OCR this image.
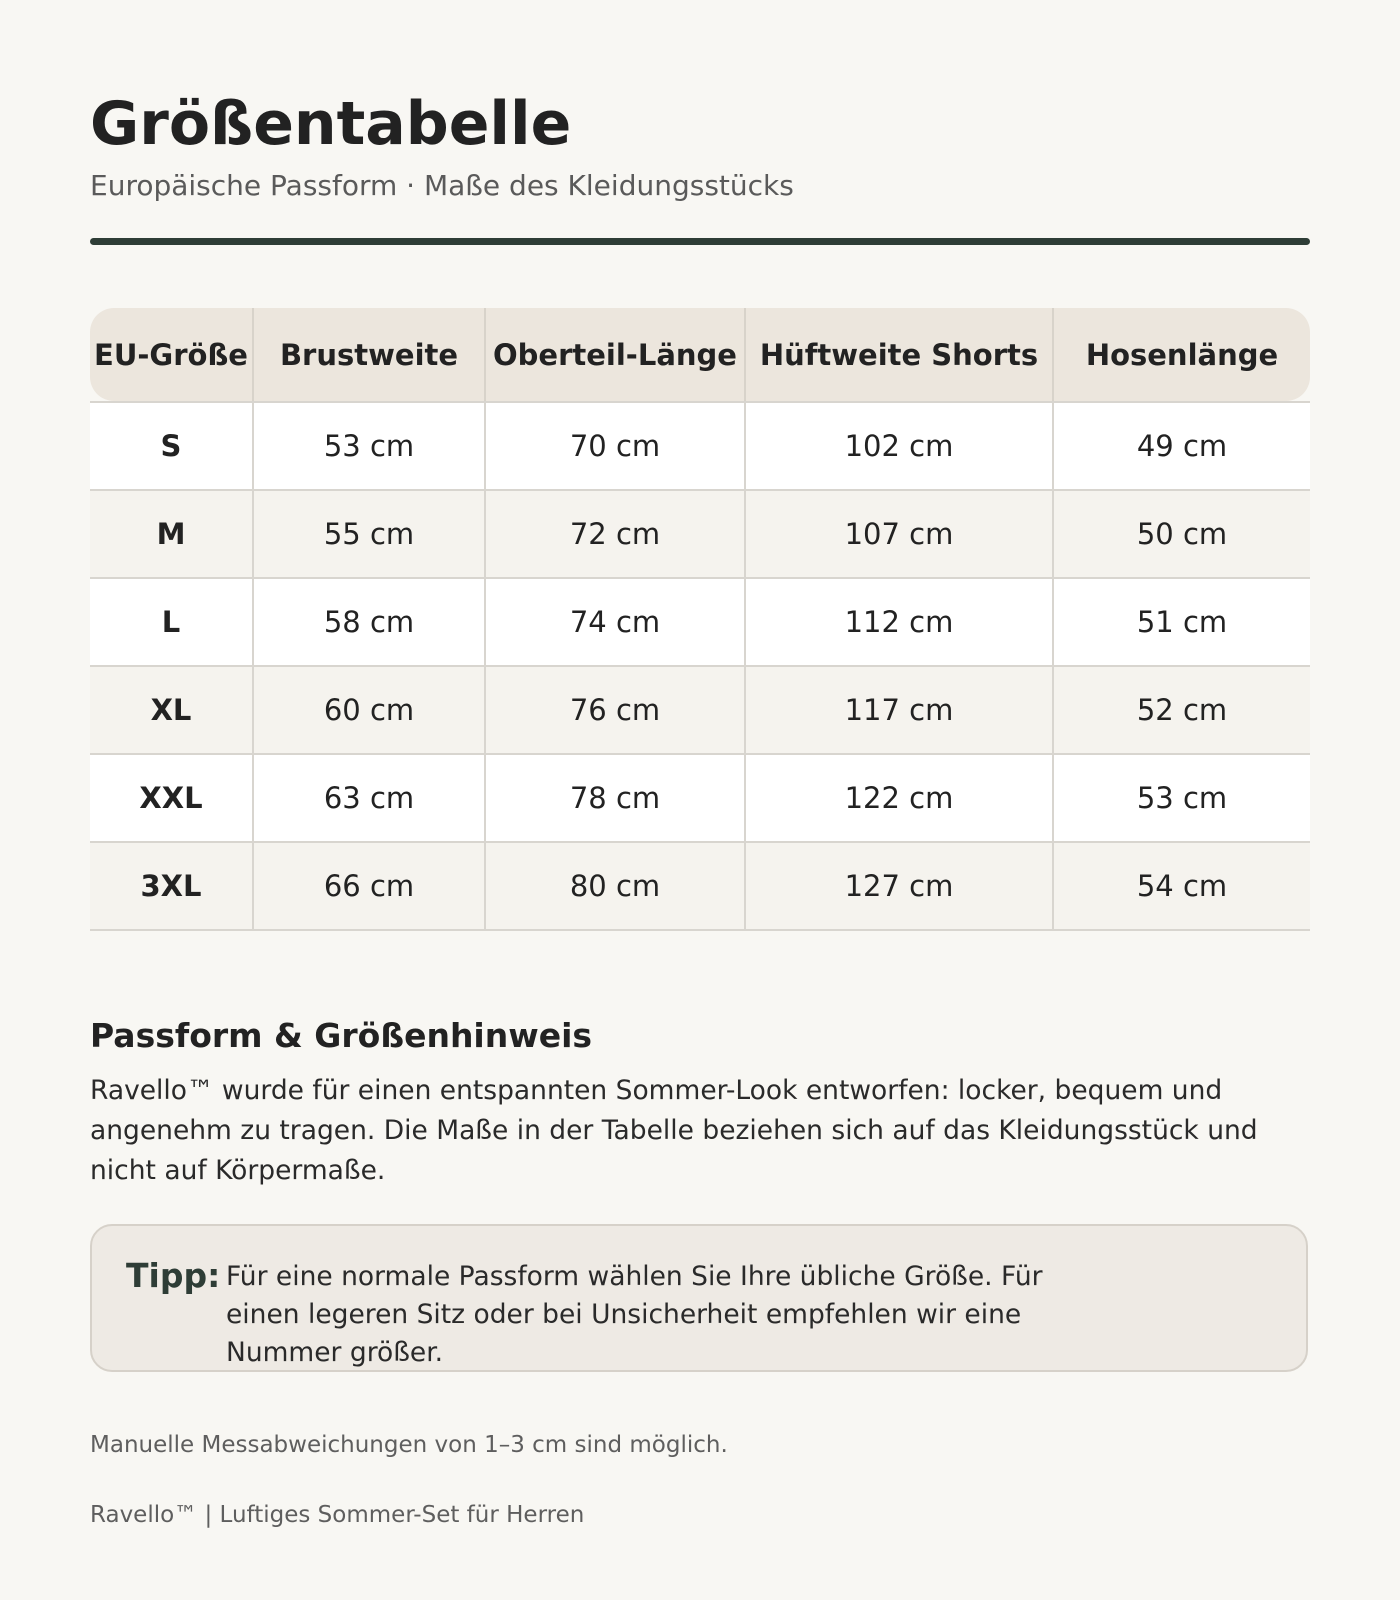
Größentabelle
Europäische Passform · Maße des Kleidungsstücks
EU-Größe	Brustweite	Oberteil-Länge	Hüftweite Shorts	Hosenlänge
S	53 cm	70 cm	102 cm	49 cm
M	55 cm	72 cm	107 cm	50 cm
L	58 cm	74 cm	112 cm	51 cm
XL	60 cm	76 cm	117 cm	52 cm
XXL	63 cm	78 cm	122 cm	53 cm
3XL	66 cm	80 cm	127 cm	54 cm
Passform & Größenhinweis

Ravello™ wurde für einen entspannten Sommer-Look entworfen: locker, bequem und angenehm zu tragen. Die Maße in der Tabelle beziehen sich auf das Kleidungsstück und nicht auf Körpermaße.

Tipp: Für eine normale Passform wählen Sie Ihre übliche Größe. Für einen legeren Sitz oder bei Unsicherheit empfehlen wir eine Nummer größer.
Manuelle Messabweichungen von 1–3 cm sind möglich.
Ravello™ | Luftiges Sommer-Set für Herren
